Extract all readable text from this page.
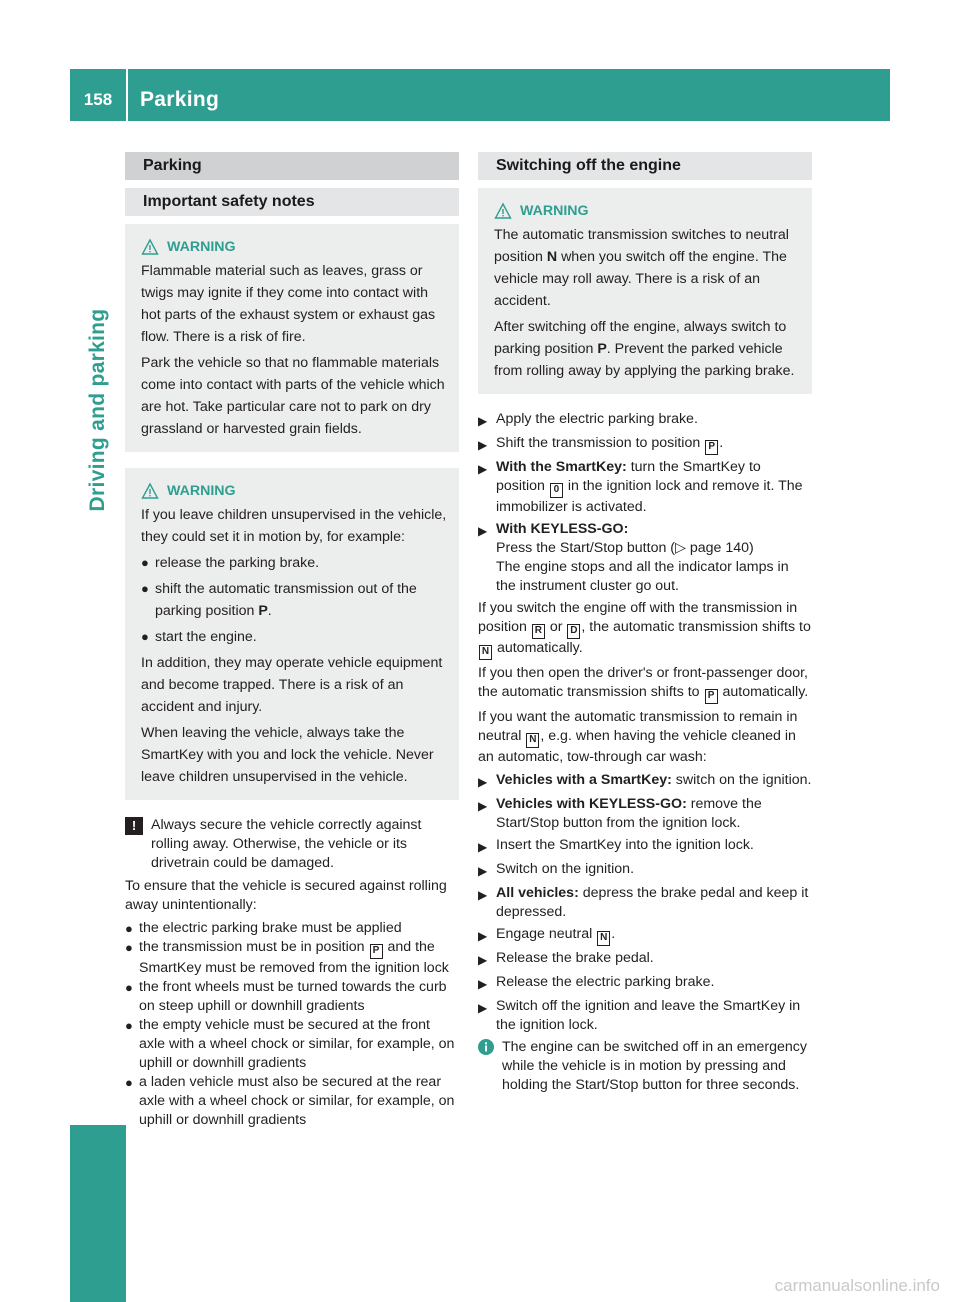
158	Parking
Driving and parking
Parking
Important safety notes
WARNING

Flammable material such as leaves, grass or twigs may ignite if they come into contact with hot parts of the exhaust system or exhaust gas flow. There is a risk of fire.

Park the vehicle so that no flammable materials come into contact with parts of the vehicle which are hot. Take particular care not to park on dry grassland or harvested grain fields.

WARNING

If you leave children unsupervised in the vehicle, they could set it in motion by, for example:

● release the parking brake.
● shift the automatic transmission out of the parking position P.
● start the engine.

In addition, they may operate vehicle equipment and become trapped. There is a risk of an accident and injury.

When leaving the vehicle, always take the SmartKey with you and lock the vehicle. Never leave children unsupervised in the vehicle.

!	Always secure the vehicle correctly against rolling away. Otherwise, the vehicle or its drivetrain could be damaged.

To ensure that the vehicle is secured against rolling away unintentionally:

● the electric parking brake must be applied
● the transmission must be in position P and the SmartKey must be removed from the ignition lock
● the front wheels must be turned towards the curb on steep uphill or downhill gradients
● the empty vehicle must be secured at the front axle with a wheel chock or similar, for example, on uphill or downhill gradients
● a laden vehicle must also be secured at the rear axle with a wheel chock or similar, for example, on uphill or downhill gradients
Switching off the engine
WARNING

The automatic transmission switches to neutral position N when you switch off the engine. The vehicle may roll away. There is a risk of an accident.

After switching off the engine, always switch to parking position P. Prevent the parked vehicle from rolling away by applying the parking brake.

▶ Apply the electric parking brake.
▶ Shift the transmission to position P .
▶ With the SmartKey: turn the SmartKey to position 0 in the ignition lock and remove it. The immobilizer is activated.
▶ With KEYLESS-GO:
Press the Start/Stop button (▷ page 140)
The engine stops and all the indicator lamps in the instrument cluster go out.

If you switch the engine off with the transmission in position R or D , the automatic transmission shifts to N automatically.

If you then open the driver's or front-passenger door, the automatic transmission shifts to P automatically.

If you want the automatic transmission to remain in neutral N , e.g. when having the vehicle cleaned in an automatic, tow-through car wash:

▶ Vehicles with a SmartKey: switch on the ignition.
▶ Vehicles with KEYLESS-GO: remove the Start/Stop button from the ignition lock.
▶ Insert the SmartKey into the ignition lock.
▶ Switch on the ignition.
▶ All vehicles: depress the brake pedal and keep it depressed.
▶ Engage neutral N .
▶ Release the brake pedal.
▶ Release the electric parking brake.
▶ Switch off the ignition and leave the SmartKey in the ignition lock.
The engine can be switched off in an emergency while the vehicle is in motion by pressing and holding the Start/Stop button for three seconds.
carmanualsonline.info
